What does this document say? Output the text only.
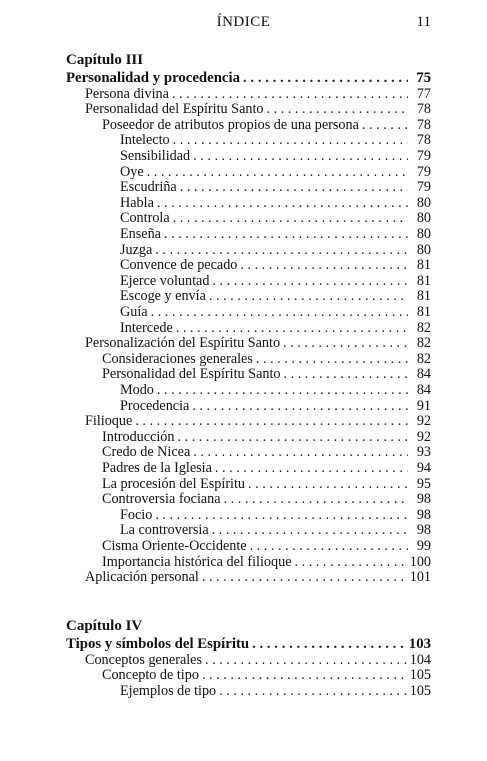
ÍNDICE	11
Capítulo III
Personalidad y procedencia . . .	75
Persona divina . . .	77
Personalidad del Espíritu Santo . . .	78
Poseedor de atributos propios de una persona . . .	78
Intelecto . . .	78
Sensibilidad . . .	79
Oye . . .	79
Escudriña . . .	79
Habla . . .	80
Controla . . .	80
Enseña . . .	80
Juzga . . .	80
Convence de pecado . . .	81
Ejerce voluntad . . .	81
Escoge y envía . . .	81
Guía . . .	81
Intercede . . .	82
Personalización del Espíritu Santo . . .	82
Consideraciones generales . . .	82
Personalidad del Espíritu Santo . . .	84
Modo . . .	84
Procedencia . . .	91
Filioque . . .	92
Introducción . . .	92
Credo de Nicea . . .	93
Padres de la Iglesia . . .	94
La procesión del Espíritu . . .	95
Controversia fociana . . .	98
Focio . . .	98
La controversia . . .	98
Cisma Oriente-Occidente . . .	99
Importancia histórica del filioque . . .	100
Aplicación personal . . .	101
Capítulo IV
Tipos y símbolos del Espíritu . . .	103
Conceptos generales . . .	104
Concepto de tipo . . .	105
Ejemplos de tipo . . .	105
